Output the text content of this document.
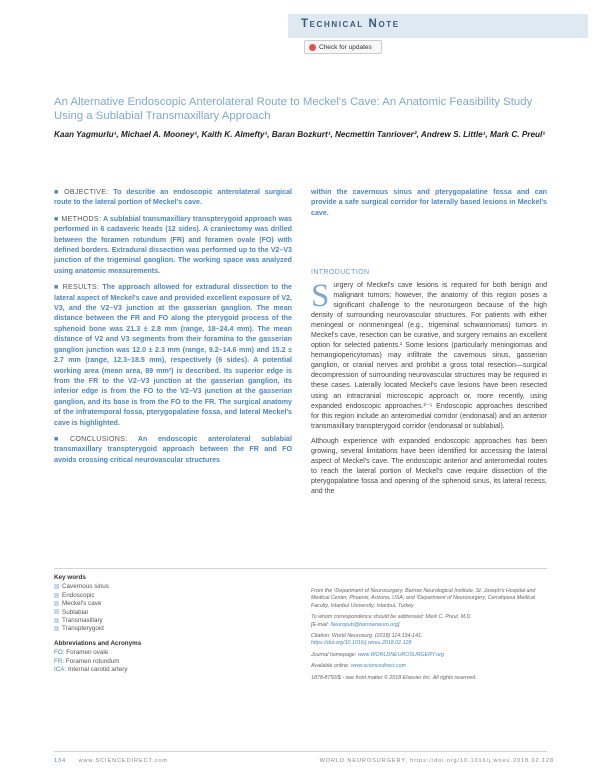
Technical Note
Check for updates
An Alternative Endoscopic Anterolateral Route to Meckel's Cave: An Anatomic Feasibility Study Using a Sublabial Transmaxillary Approach
Kaan Yagmurlu¹, Michael A. Mooney¹, Kaith K. Almefty¹, Baran Bozkurt¹, Necmettin Tanriover², Andrew S. Little¹, Mark C. Preul¹

■ OBJECTIVE: To describe an endoscopic anterolateral surgical route to the lateral portion of Meckel's cave.

■ METHODS: A sublabial transmaxillary transpterygoid approach was performed in 6 cadaveric heads (12 sides). A craniectomy was drilled between the foramen rotundum (FR) and foramen ovale (FO) with defined borders. Extradural dissection was performed up to the V2–V3 junction of the trigeminal ganglion. The working space was analyzed using anatomic measurements.

■ RESULTS: The approach allowed for extradural dissection to the lateral aspect of Meckel's cave and provided excellent exposure of V2, V3, and the V2–V3 junction at the gasserian ganglion. The mean distance between the FR and FO along the pterygoid process of the sphenoid bone was 21.3 ± 2.8 mm (range, 18–24.4 mm). The mean distance of V2 and V3 segments from their foramina to the gasserian ganglion junction was 12.0 ± 2.3 mm (range, 9.2–14.6 mm) and 15.2 ± 2.7 mm (range, 12.3–18.5 mm), respectively (6 sides). A potential working area (mean area, 89 mm²) is described. Its superior edge is from the FR to the V2–V3 junction at the gasserian ganglion, its inferior edge is from the FO to the V2–V3 junction at the gasserian ganglion, and its base is from the FO to the FR. The surgical anatomy of the infratemporal fossa, pterygopalatine fossa, and lateral Meckel's cave is highlighted.

■ CONCLUSIONS: An endoscopic anterolateral sublabial transmaxillary transpterygoid approach between the FR and FO avoids crossing critical neurovascular structures

within the cavernous sinus and pterygopalatine fossa and can provide a safe surgical corridor for laterally based lesions in Meckel's cave.
INTRODUCTION

Surgery of Meckel's cave lesions is required for both benign and malignant tumors; however, the anatomy of this region poses a significant challenge to the neurosurgeon because of the high density of surrounding neurovascular structures. For patients with either meningeal or nonmeningeal (e.g., trigeminal schwannomas) tumors in Meckel's cave, resection can be curative, and surgery remains an excellent option for selected patients.¹ Some lesions (particularly meningiomas and hemangiopericytomas) may infiltrate the cavernous sinus, gasserian ganglion, or cranial nerves and prohibit a gross total resection—surgical decompression of surrounding neurovascular structures may be required in these cases. Laterally located Meckel's cave lesions have been resected using an intracranial microscopic approach or, more recently, using expanded endoscopic approaches.²⁻⁵ Endoscopic approaches described for this region include an anteromedial corridor (endonasal) and an anterior transmaxillary transpterygoid corridor (endonasal or sublabial).

Although experience with expanded endoscopic approaches has been growing, several limitations have been identified for accessing the lateral aspect of Meckel's cave. The endoscopic anterior and anteromedial routes to reach the lateral portion of Meckel's cave require dissection of the pterygopalatine fossa and opening of the sphenoid sinus, its lateral recess, and the

Key words
Cavernous sinus
Endoscopic
Meckel's cave
Sublabial
Transmaxillary
Transpterygoid
Abbreviations and Acronyms
FO: Foramen ovale
FR: Foramen rotundum
ICA: Internal carotid artery

From the ¹Department of Neurosurgery, Barrow Neurological Institute, St. Joseph's Hospital and Medical Center, Phoenix, Arizona, USA; and ²Department of Neurosurgery, Cerrahpasa Medical Faculty, Istanbul University, Istanbul, Turkey

To whom correspondence should be addressed: Mark C. Preul, M.D.
[E-mail: Neuropub@barrowneuro.org]

Citation: World Neurosurg. (2018) 114:134-141.
https://doi.org/10.1016/j.wneu.2018.02.128

Journal homepage: www.WORLDNEUROSURGERY.org

Available online: www.sciencedirect.com

1878-8750/$ - see front matter © 2018 Elsevier Inc. All rights reserved.

134 www.SCIENCEDIRECT.com	WORLD NEUROSURGERY, https://doi.org/10.1016/j.wneu.2018.02.128
